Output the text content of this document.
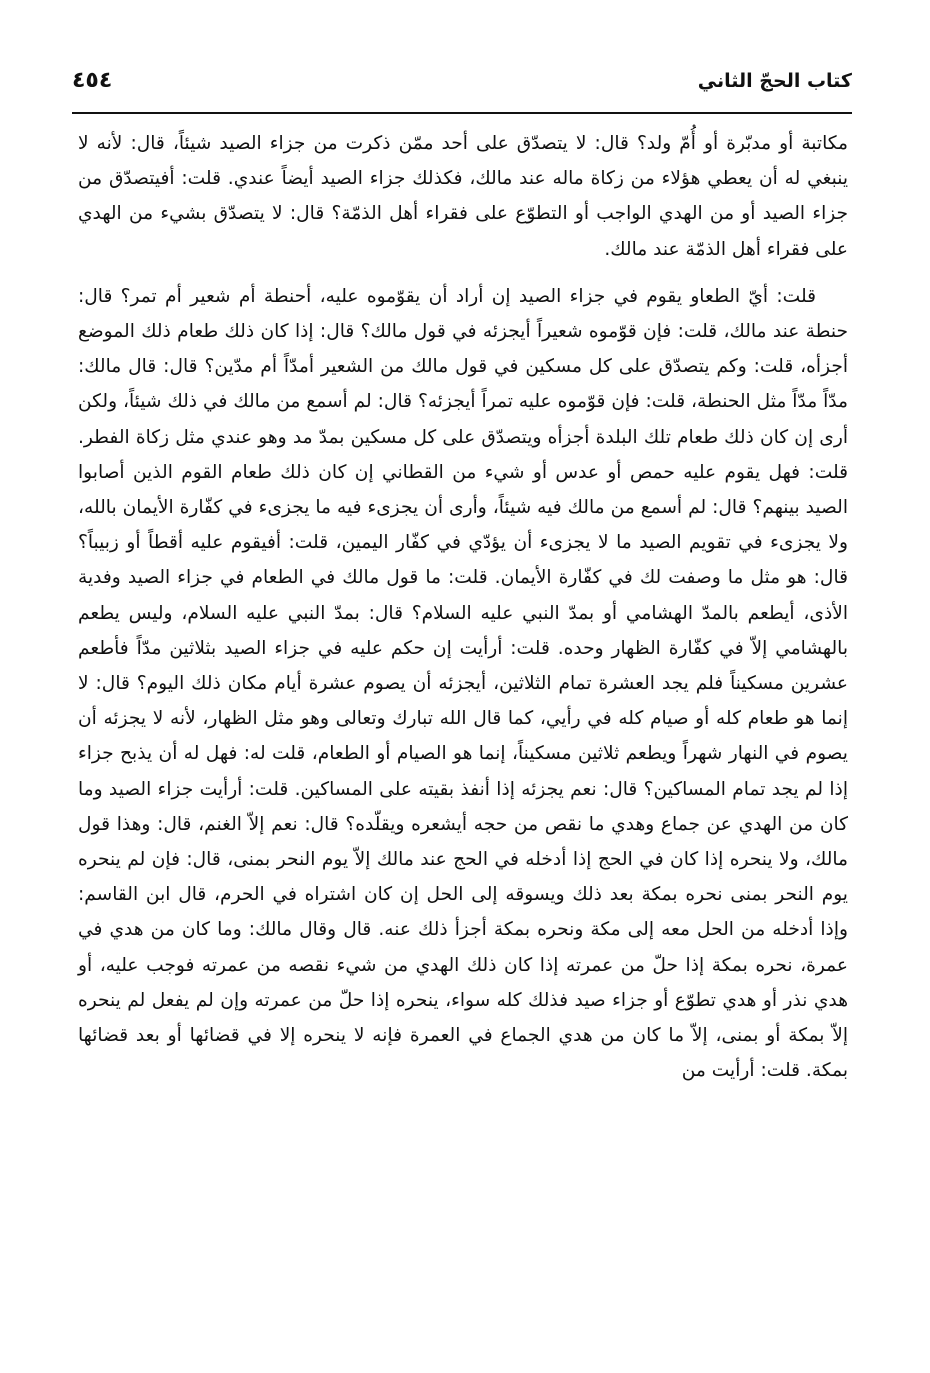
كتاب الحجّ الثاني
٤٥٤

مكاتبة أو مدبّرة أو أُمّ ولد؟ قال: لا يتصدّق على أحد ممّن ذكرت من جزاء الصيد شيئاً، قال: لأنه لا ينبغي له أن يعطي هؤلاء من زكاة ماله عند مالك، فكذلك جزاء الصيد أيضاً عندي. قلت: أفيتصدّق من جزاء الصيد أو من الهدي الواجب أو التطوّع على فقراء أهل الذمّة؟ قال: لا يتصدّق بشيء من الهدي على فقراء أهل الذمّة عند مالك.

قلت: أيّ الطعاو يقوم في جزاء الصيد إن أراد أن يقوّموه عليه، أحنطة أم شعير أم تمر؟ قال: حنطة عند مالك، قلت: فإن قوّموه شعيراً أيجزئه في قول مالك؟ قال: إذا كان ذلك طعام ذلك الموضع أجزأه، قلت: وكم يتصدّق على كل مسكين في قول مالك من الشعير أمدّاً أم مدّين؟ قال: قال مالك: مدّاً مدّاً مثل الحنطة، قلت: فإن قوّموه عليه تمراً أيجزئه؟ قال: لم أسمع من مالك في ذلك شيئاً، ولكن أرى إن كان ذلك طعام تلك البلدة أجزأه ويتصدّق على كل مسكين بمدّ مد وهو عندي مثل زكاة الفطر. قلت: فهل يقوم عليه حمص أو عدس أو شيء من القطاني إن كان ذلك طعام القوم الذين أصابوا الصيد بينهم؟ قال: لم أسمع من مالك فيه شيئاً، وأرى أن يجزىء فيه ما يجزىء في كفّارة الأيمان بالله، ولا يجزىء في تقويم الصيد ما لا يجزىء أن يؤدّي في كفّار اليمين، قلت: أفيقوم عليه أقطاً أو زبيباً؟ قال: هو مثل ما وصفت لك في كفّارة الأيمان. قلت: ما قول مالك في الطعام في جزاء الصيد وفدية الأذى، أيطعم بالمدّ الهشامي أو بمدّ النبي عليه السلام؟ قال: بمدّ النبي عليه السلام، وليس يطعم بالهشامي إلاّ في كفّارة الظهار وحده. قلت: أرأيت إن حكم عليه في جزاء الصيد بثلاثين مدّاً فأطعم عشرين مسكيناً فلم يجد العشرة تمام الثلاثين، أيجزئه أن يصوم عشرة أيام مكان ذلك اليوم؟ قال: لا إنما هو طعام كله أو صيام كله في رأيي، كما قال الله تبارك وتعالى وهو مثل الظهار، لأنه لا يجزئه أن يصوم في النهار شهراً ويطعم ثلاثين مسكيناً، إنما هو الصيام أو الطعام، قلت له: فهل له أن يذبح جزاء إذا لم يجد تمام المساكين؟ قال: نعم يجزئه إذا أنفذ بقيته على المساكين. قلت: أرأيت جزاء الصيد وما كان من الهدي عن جماع وهدي ما نقص من حجه أيشعره ويقلّده؟ قال: نعم إلاّ الغنم، قال: وهذا قول مالك، ولا ينحره إذا كان في الحج إذا أدخله في الحج عند مالك إلاّ يوم النحر بمنى، قال: فإن لم ينحره يوم النحر بمنى نحره بمكة بعد ذلك ويسوقه إلى الحل إن كان اشتراه في الحرم، قال ابن القاسم: وإذا أدخله من الحل معه إلى مكة ونحره بمكة أجزأ ذلك عنه. قال وقال مالك: وما كان من هدي في عمرة، نحره بمكة إذا حلّ من عمرته إذا كان ذلك الهدي من شيء نقصه من عمرته فوجب عليه، أو هدي نذر أو هدي تطوّع أو جزاء صيد فذلك كله سواء، ينحره إذا حلّ من عمرته وإن لم يفعل لم ينحره إلاّ بمكة أو بمنى، إلاّ ما كان من هدي الجماع في العمرة فإنه لا ينحره إلا في قضائها أو بعد قضائها بمكة. قلت: أرأيت من
